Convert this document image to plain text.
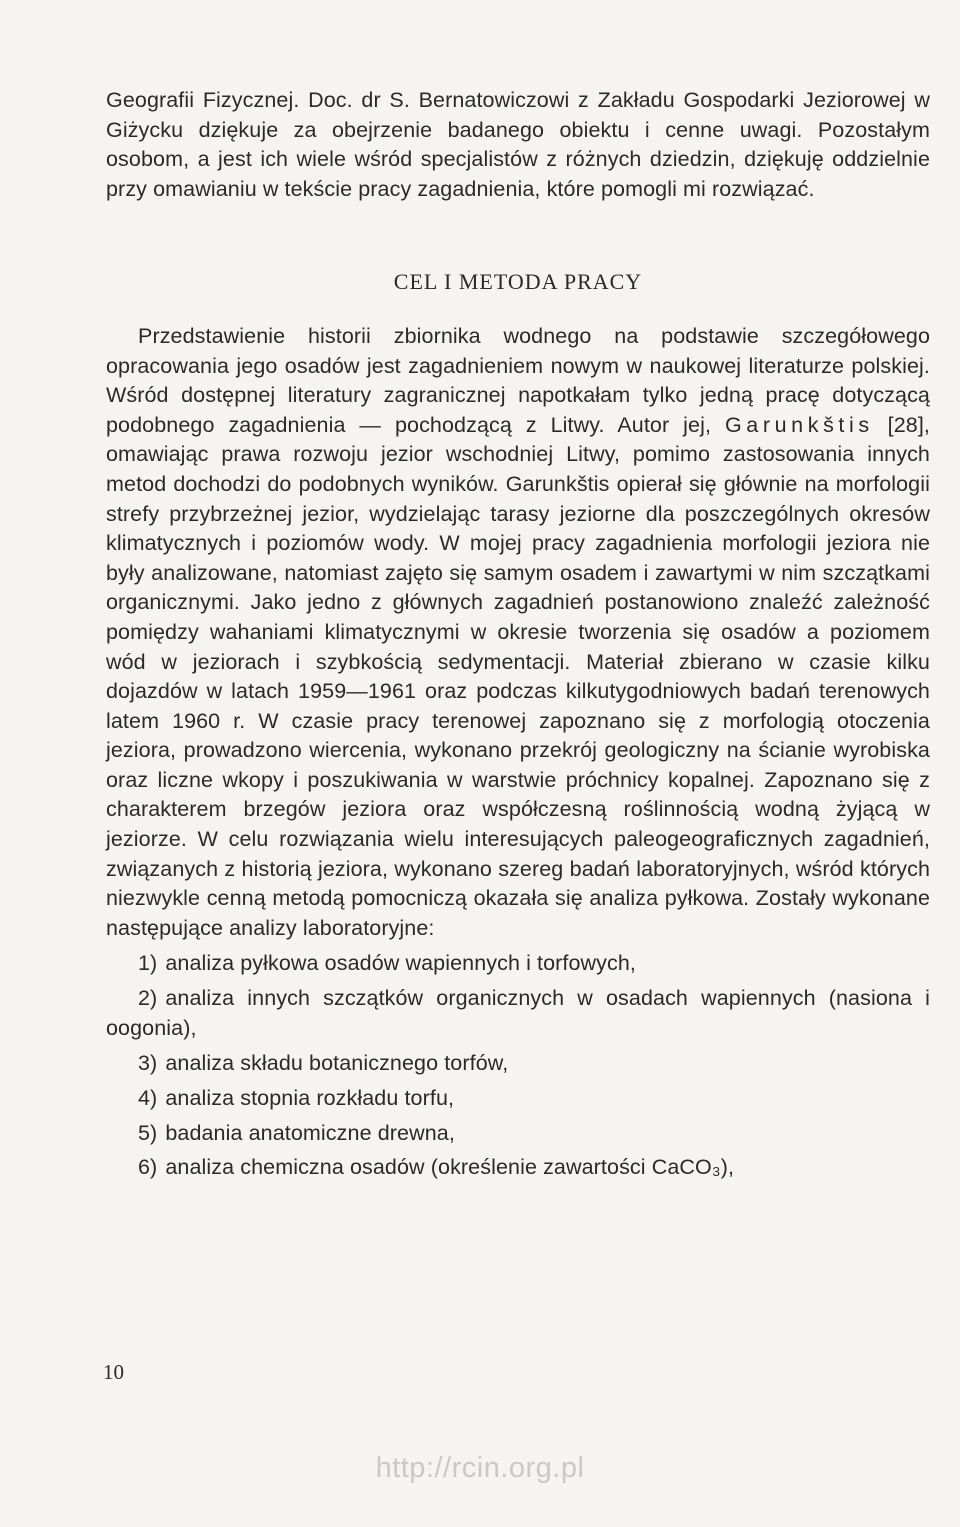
Geografii Fizycznej. Doc. dr S. Bernatowiczowi z Zakładu Gospodarki Jeziorowej w Giżycku dziękuje za obejrzenie badanego obiektu i cenne uwagi. Pozostałym osobom, a jest ich wiele wśród specjalistów z różnych dziedzin, dziękuję oddzielnie przy omawianiu w tekście pracy zagadnienia, które pomogli mi rozwiązać.

CEL I METODA PRACY

Przedstawienie historii zbiornika wodnego na podstawie szczegółowego opracowania jego osadów jest zagadnieniem nowym w naukowej literaturze polskiej. Wśród dostępnej literatury zagranicznej napotkałam tylko jedną pracę dotyczącą podobnego zagadnienia — pochodzącą z Litwy. Autor jej, Garunkštis [28], omawiając prawa rozwoju jezior wschodniej Litwy, pomimo zastosowania innych metod dochodzi do podobnych wyników. Garunkštis opierał się głównie na morfologii strefy przybrzeżnej jezior, wydzielając tarasy jeziorne dla poszczególnych okresów klimatycznych i poziomów wody. W mojej pracy zagadnienia morfologii jeziora nie były analizowane, natomiast zajęto się samym osadem i zawartymi w nim szczątkami organicznymi. Jako jedno z głównych zagadnień postanowiono znaleźć zależność pomiędzy wahaniami klimatycznymi w okresie tworzenia się osadów a poziomem wód w jeziorach i szybkością sedymentacji. Materiał zbierano w czasie kilku dojazdów w latach 1959—1961 oraz podczas kilkutygodniowych badań terenowych latem 1960 r. W czasie pracy terenowej zapoznano się z morfologią otoczenia jeziora, prowadzono wiercenia, wykonano przekrój geologiczny na ścianie wyrobiska oraz liczne wkopy i poszukiwania w warstwie próchnicy kopalnej. Zapoznano się z charakterem brzegów jeziora oraz współczesną roślinnością wodną żyjącą w jeziorze. W celu rozwiązania wielu interesujących paleogeograficznych zagadnień, związanych z historią jeziora, wykonano szereg badań laboratoryjnych, wśród których niezwykle cenną metodą pomocniczą okazała się analiza pyłkowa. Zostały wykonane następujące analizy laboratoryjne:

1) analiza pyłkowa osadów wapiennych i torfowych,
2) analiza innych szczątków organicznych w osadach wapiennych (nasiona i oogonia),
3) analiza składu botanicznego torfów,
4) analiza stopnia rozkładu torfu,
5) badania anatomiczne drewna,
6) analiza chemiczna osadów (określenie zawartości CaCO₃),
10
http://rcin.org.pl
